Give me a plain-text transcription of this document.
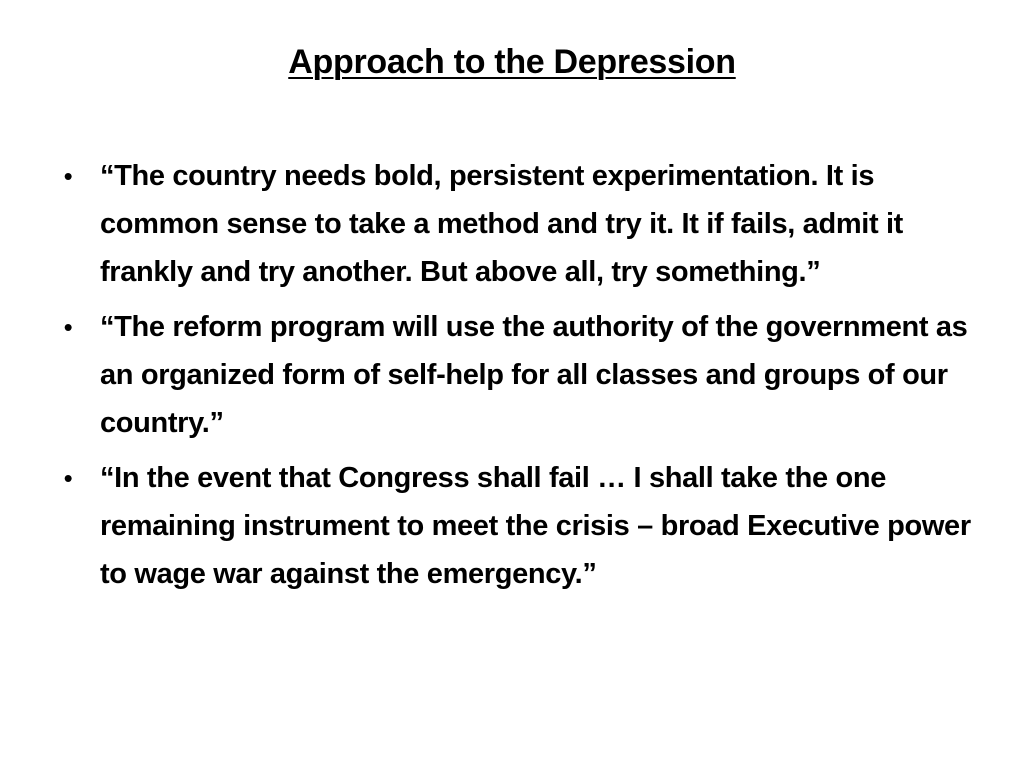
Approach to the Depression
• “The country needs bold, persistent experimentation. It is common sense to take a method and try it. It if fails, admit it frankly and try another. But above all, try something.”
• “The reform program will use the authority of the government as an organized form of self-help for all classes and groups of our country.”
• “In the event that Congress shall fail … I shall take the one remaining instrument to meet the crisis – broad Executive power to wage war against the emergency.”
